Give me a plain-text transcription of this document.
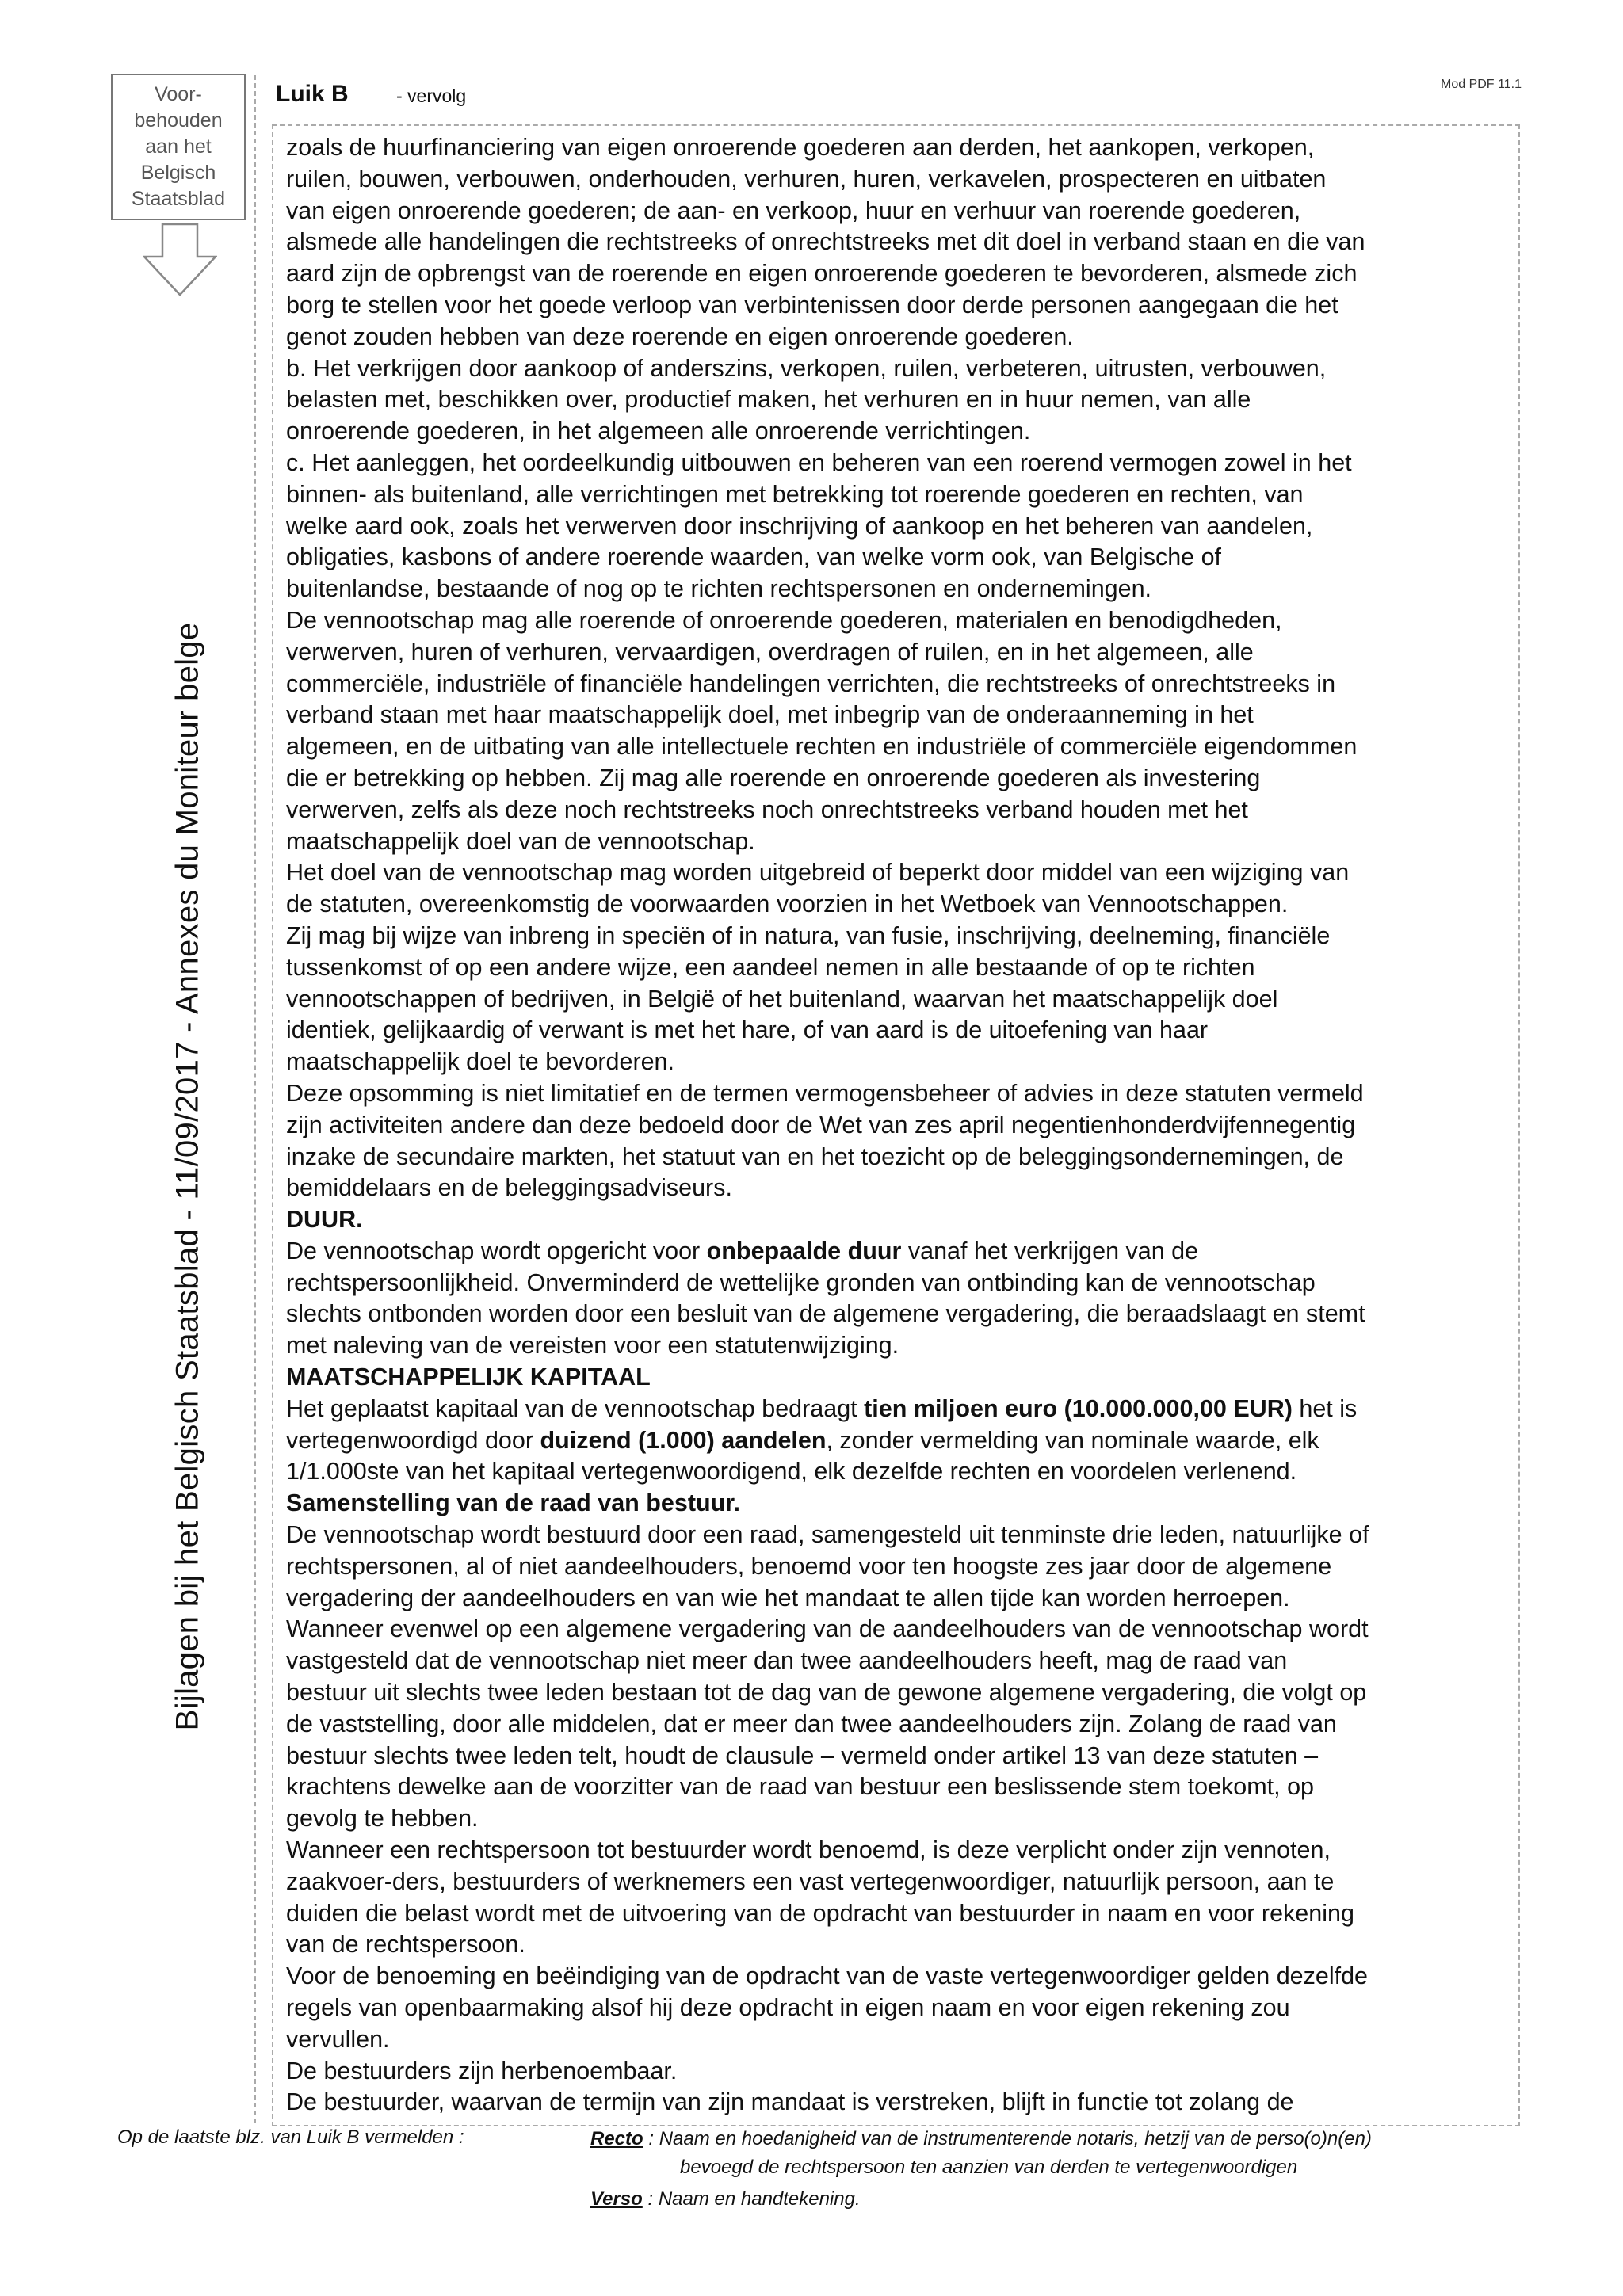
Voor-
behouden
aan het
Belgisch
Staatsblad
Bijlagen bij het Belgisch Staatsblad - 11/09/2017 - Annexes du Moniteur belge
Luik B	- vervolg
Mod PDF 11.1

zoals de huurfinanciering van eigen onroerende goederen aan derden, het aankopen, verkopen,

ruilen, bouwen, verbouwen, onderhouden, verhuren, huren, verkavelen, prospecteren en uitbaten

van eigen onroerende goederen; de aan- en verkoop, huur en verhuur van roerende goederen,

alsmede alle handelingen die rechtstreeks of onrechtstreeks met dit doel in verband staan en die van

aard zijn de opbrengst van de roerende en eigen onroerende goederen te bevorderen, alsmede zich

borg te stellen voor het goede verloop van verbintenissen door derde personen aangegaan die het

genot zouden hebben van deze roerende en eigen onroerende goederen.

b. Het verkrijgen door aankoop of anderszins, verkopen, ruilen, verbeteren, uitrusten, verbouwen,

belasten met, beschikken over, productief maken, het verhuren en in huur nemen, van alle

onroerende goederen, in het algemeen alle onroerende verrichtingen.

c. Het aanleggen, het oordeelkundig uitbouwen en beheren van een roerend vermogen zowel in het

binnen- als buitenland, alle verrichtingen met betrekking tot roerende goederen en rechten, van

welke aard ook, zoals het verwerven door inschrijving of aankoop en het beheren van aandelen,

obligaties, kasbons of andere roerende waarden, van welke vorm ook, van Belgische of

buitenlandse, bestaande of nog op te richten rechtspersonen en ondernemingen.

De vennootschap mag alle roerende of onroerende goederen, materialen en benodigdheden,

verwerven, huren of verhuren, vervaardigen, overdragen of ruilen, en in het algemeen, alle

commerciële, industriële of financiële handelingen verrichten, die rechtstreeks of onrechtstreeks in

verband staan met haar maatschappelijk doel, met inbegrip van de onderaanneming in het

algemeen, en de uitbating van alle intellectuele rechten en industriële of commerciële eigendommen

die er betrekking op hebben. Zij mag alle roerende en onroerende goederen als investering

verwerven, zelfs als deze noch rechtstreeks noch onrechtstreeks verband houden met het

maatschappelijk doel van de vennootschap.

Het doel van de vennootschap mag worden uitgebreid of beperkt door middel van een wijziging van

de statuten, overeenkomstig de voorwaarden voorzien in het Wetboek van Vennootschappen.

Zij mag bij wijze van inbreng in speciën of in natura, van fusie, inschrijving, deelneming, financiële

tussenkomst of op een andere wijze, een aandeel nemen in alle bestaande of op te richten

vennootschappen of bedrijven, in België of het buitenland, waarvan het maatschappelijk doel

identiek, gelijkaardig of verwant is met het hare, of van aard is de uitoefening van haar

maatschappelijk doel te bevorderen.

Deze opsomming is niet limitatief en de termen vermogensbeheer of advies in deze statuten vermeld

zijn activiteiten andere dan deze bedoeld door de Wet van zes april negentienhonderdvijfennegentig

inzake de secundaire markten, het statuut van en het toezicht op de beleggingsondernemingen, de

bemiddelaars en de beleggingsadviseurs.

DUUR.

De vennootschap wordt opgericht voor onbepaalde duur vanaf het verkrijgen van de

rechtspersoonlijkheid. Onverminderd de wettelijke gronden van ontbinding kan de vennootschap

slechts ontbonden worden door een besluit van de algemene vergadering, die beraadslaagt en stemt

met naleving van de vereisten voor een statutenwijziging.

MAATSCHAPPELIJK KAPITAAL

Het geplaatst kapitaal van de vennootschap bedraagt tien miljoen euro (10.000.000,00 EUR) het is

vertegenwoordigd door duizend (1.000) aandelen, zonder vermelding van nominale waarde, elk

1/1.000ste van het kapitaal vertegenwoordigend, elk dezelfde rechten en voordelen verlenend.

Samenstelling van de raad van bestuur.

De vennootschap wordt bestuurd door een raad, samengesteld uit tenminste drie leden, natuurlijke of

rechtspersonen, al of niet aandeelhouders, benoemd voor ten hoogste zes jaar door de algemene

vergadering der aandeelhouders en van wie het mandaat te allen tijde kan worden herroepen.

Wanneer evenwel op een algemene vergadering van de aandeelhouders van de vennootschap wordt

vastgesteld dat de vennootschap niet meer dan twee aandeelhouders heeft, mag de raad van

bestuur uit slechts twee leden bestaan tot de dag van de gewone algemene vergadering, die volgt op

de vaststelling, door alle middelen, dat er meer dan twee aandeelhouders zijn. Zolang de raad van

bestuur slechts twee leden telt, houdt de clausule – vermeld onder artikel 13 van deze statuten –

krachtens dewelke aan de voorzitter van de raad van bestuur een beslissende stem toekomt, op

gevolg te hebben.

Wanneer een rechtspersoon tot bestuurder wordt benoemd, is deze verplicht onder zijn vennoten,

zaakvoer-ders, bestuurders of werknemers een vast vertegenwoordiger, natuurlijk persoon, aan te

duiden die belast wordt met de uitvoering van de opdracht van bestuurder in naam en voor rekening

van de rechtspersoon.

Voor de benoeming en beëindiging van de opdracht van de vaste vertegenwoordiger gelden dezelfde

regels van openbaarmaking alsof hij deze opdracht in eigen naam en voor eigen rekening zou

vervullen.

De bestuurders zijn herbenoembaar.

De bestuurder, waarvan de termijn van zijn mandaat is verstreken, blijft in functie tot zolang de

Op de laatste blz. van Luik B vermelden :	Recto : Naam en hoedanigheid van de instrumenterende notaris, hetzij van de perso(o)n(en)
bevoegd de rechtspersoon ten aanzien van derden te vertegenwoordigen
Verso : Naam en handtekening.
